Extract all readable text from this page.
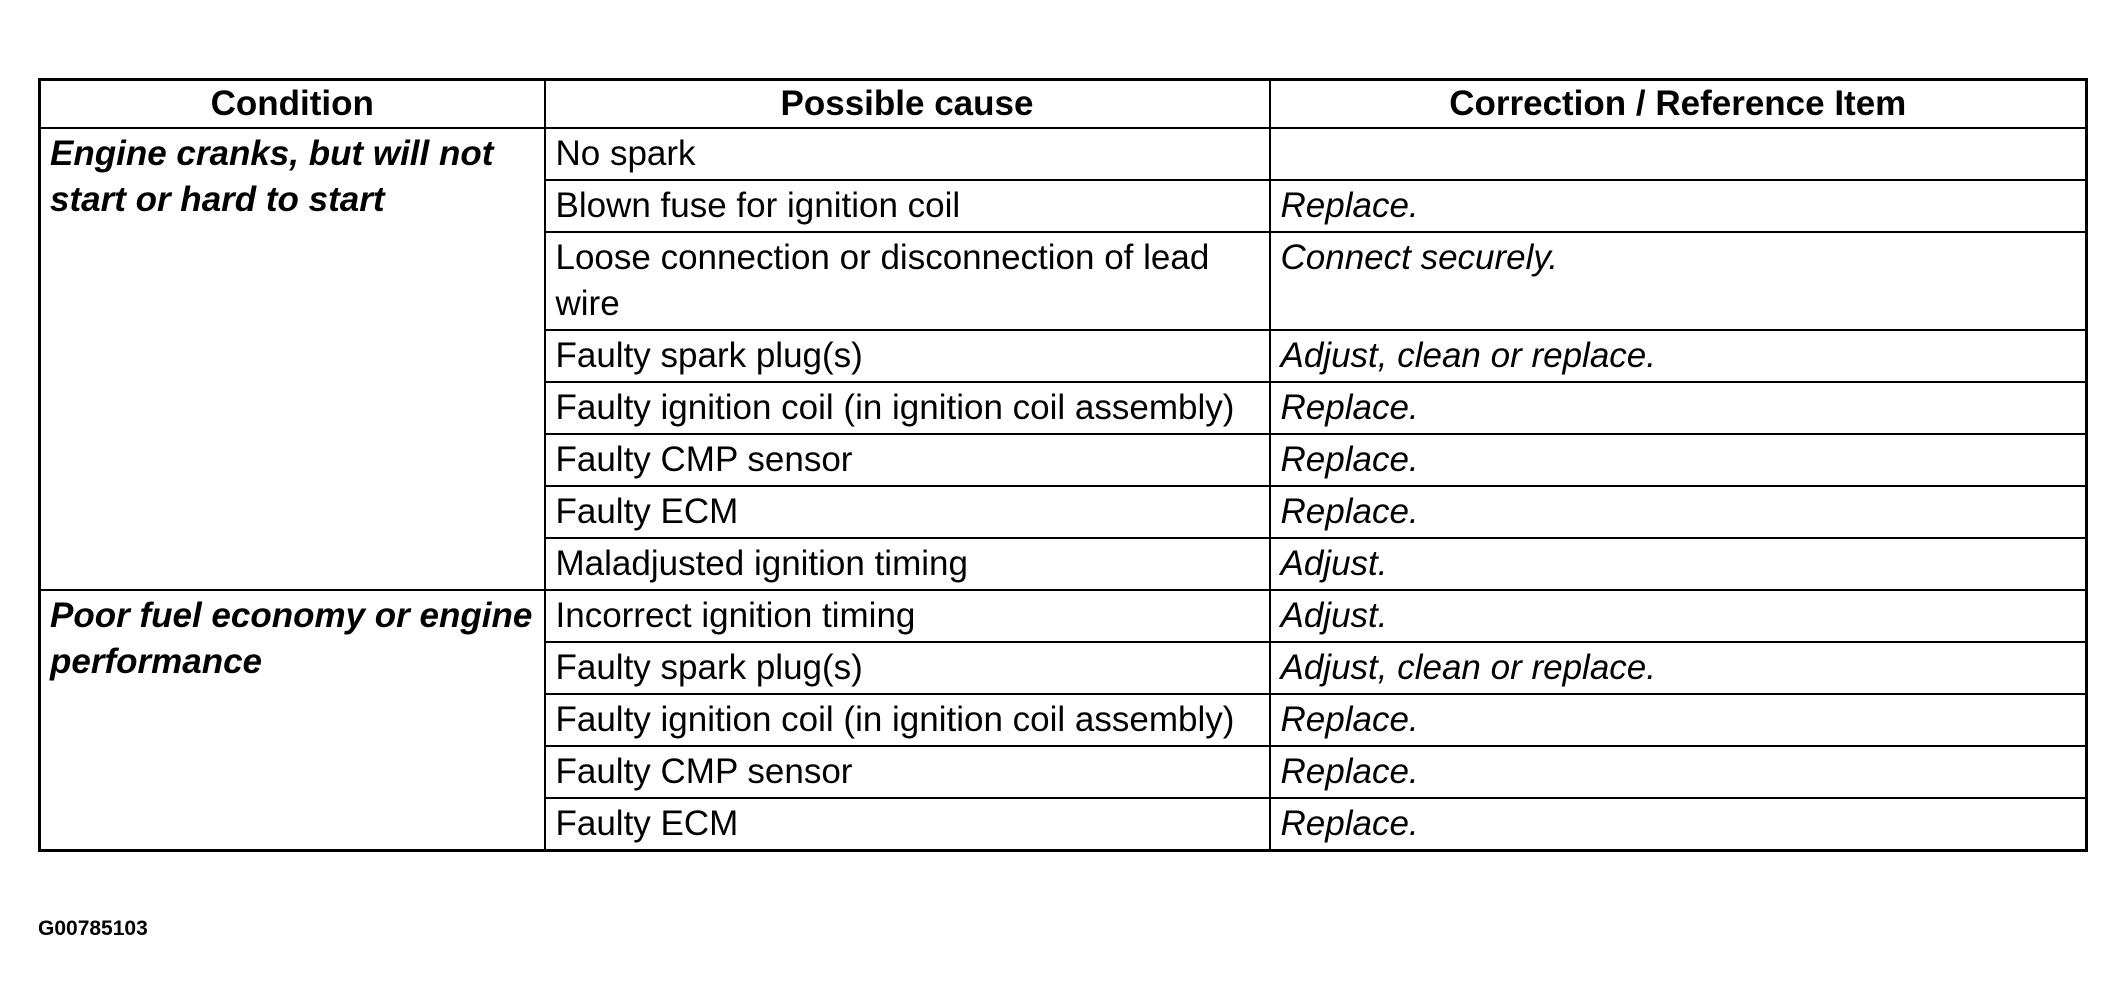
Condition	Possible cause	Correction / Reference Item
Engine cranks, but will not start or hard to start	No spark	
	Blown fuse for ignition coil	Replace.
	Loose connection or disconnection of lead wire	Connect securely.
	Faulty spark plug(s)	Adjust, clean or replace.
	Faulty ignition coil (in ignition coil assembly)	Replace.
	Faulty CMP sensor	Replace.
	Faulty ECM	Replace.
	Maladjusted ignition timing	Adjust.
Poor fuel economy or engine performance	Incorrect ignition timing	Adjust.
	Faulty spark plug(s)	Adjust, clean or replace.
	Faulty ignition coil (in ignition coil assembly)	Replace.
	Faulty CMP sensor	Replace.
	Faulty ECM	Replace.
G00785103
